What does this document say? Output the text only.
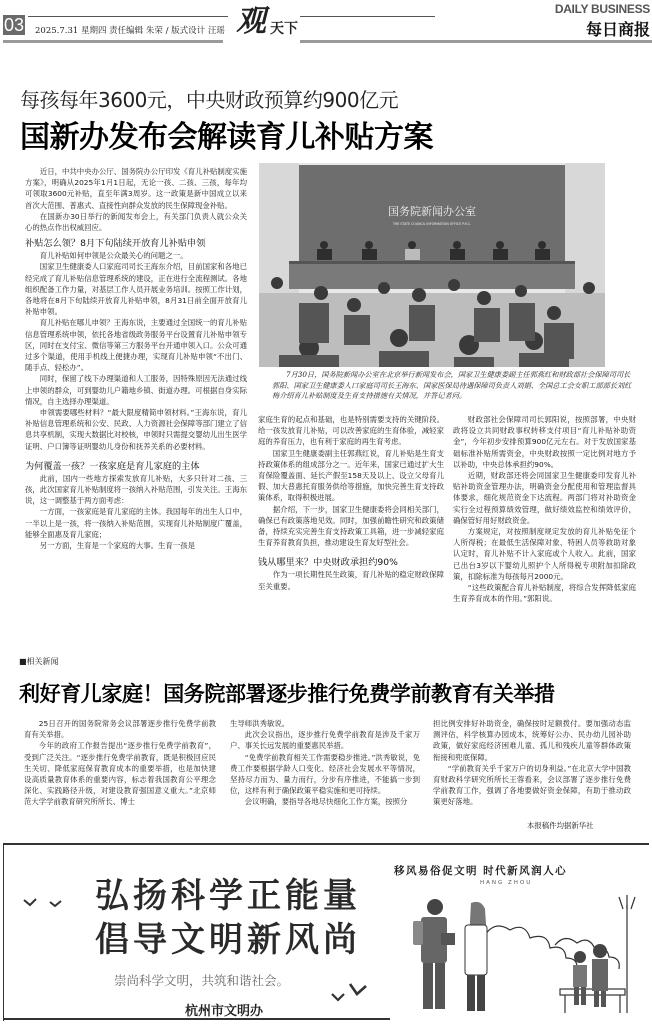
03 2025.7.31 星期四 责任编辑 朱荣 / 版式设计 汪瑶 观 天下
DAILY BUSINESS
每日商报
每孩每年3600元，中央财政预算约900亿元
国新办发布会解读育儿补贴方案

近日，中共中央办公厅、国务院办公厅印发《育儿补贴制度实施方案》，明确从2025年1月1日起，无论一孩、二孩、三孩，每年均可领取3600元补贴，直至年满3周岁。这一政策是新中国成立以来首次大范围、普惠式、直接性向群众发放的民生保障现金补贴。

在国新办30日举行的新闻发布会上，有关部门负责人就公众关心的热点作出权威回应。

补贴怎么领？8月下旬陆续开放育儿补贴申领

育儿补贴如何申领是公众最关心的问题之一。

国家卫生健康委人口家庭司司长王海东介绍，目前国家和各地已经完成了育儿补贴信息管理系统的建设，正在进行全流程测试。各地组织配备工作力量，对基层工作人员开展业务培训。按照工作计划，各地将在8月下旬陆续开放育儿补贴申领，8月31日前全面开放育儿补贴申领。

育儿补贴在哪儿申领？王海东说，主要通过全国统一的育儿补贴信息管理系统申领，依托各地省级政务服务平台设置育儿补贴申领专区，同时在支付宝、微信等第三方服务平台开通申领入口。公众可通过多个渠道，使用手机线上便捷办理，实现育儿补贴申领“不出门、随手点、轻松办”。

同时，保留了线下办理渠道和人工服务，因特殊原因无法通过线上申领的群众，可到婴幼儿户籍地乡镇、街道办理。可根据自身实际情况，自主选择办理渠道。

申领需要哪些材料？“最大限度精简申领材料。”王海东说，育儿补贴信息管理系统和公安、民政、人力资源社会保障等部门建立了信息共享机制，实现大数据比对校核，申领时只需提交婴幼儿出生医学证明、户口簿等证明婴幼儿身份和抚养关系的必要材料。

为何覆盖一孩？一孩家庭是育儿家庭的主体

此前，国内一些地方探索发放育儿补贴，大多只针对二孩、三孩，此次国家育儿补贴制度将一孩纳入补贴范围，引发关注。王海东说，这一调整基于两方面考虑：

一方面，一孩家庭是育儿家庭的主体。我国每年的出生人口中，一半以上是一孩，将一孩纳入补贴范围，实现育儿补贴制度广覆盖，能够全面惠及育儿家庭；

另一方面，生育是一个家庭的大事。生育一孩是

国务院新闻办公室
THE STATE COUNCIL INFORMATION OFFICE P.R.C.
7月30日，国务院新闻办公室在北京举行新闻发布会，国家卫生健康委副主任郭燕红和财政部社会保障司司长郭阳、国家卫生健康委人口家庭司司长王海东、国家医保局待遇保障司负责人刘娟、全国总工会女职工部部长刘红梅介绍育儿补贴制度及生育支持措施有关情况，并答记者问。

家庭生育的起点和基础，也是特别需要支持的关键阶段。给一孩发放育儿补贴，可以改善家庭的生育体验，减轻家庭的养育压力，也有利于家庭的再生育考虑。

国家卫生健康委副主任郭燕红说，育儿补贴是生育支持政策体系的组成部分之一。近年来，国家已通过扩大生育保险覆盖面、延长产假至158天及以上、设立父母育儿假、加大普惠托育服务供给等措施，加快完善生育支持政策体系，取得积极进展。

据介绍，下一步，国家卫生健康委将会同相关部门，确保已有政策落地见效。同时，加强前瞻性研究和政策储备，持续充实完善生育支持政策工具箱，进一步减轻家庭生育养育教育负担，推动建设生育友好型社会。

钱从哪里来？中央财政承担约90%

作为一项长期性民生政策，育儿补贴的稳定财政保障至关重要。

财政部社会保障司司长郭阳说，按照部署，中央财政将设立共同财政事权转移支付项目“育儿补贴补助资金”，今年初步安排预算900亿元左右。对于发放国家基础标准补贴所需资金，中央财政按照一定比例对地方予以补助，中央总体承担约90%。

近期，财政部还将会同国家卫生健康委印发育儿补贴补助资金管理办法，明确资金分配使用和管理监督具体要求，细化规范资金下达流程。两部门将对补助资金实行全过程预算绩效管理，做好绩效监控和绩效评价，确保管好用好财政资金。

方案规定，对按照制度规定发放的育儿补贴免征个人所得税；在最低生活保障对象、特困人员等救助对象认定时，育儿补贴不计入家庭或个人收入。此前，国家已出台3岁以下婴幼儿照护个人所得税专项附加扣除政策，扣除标准为每孩每月2000元。

“这些政策配合育儿补贴制度，将综合发挥降低家庭生育养育成本的作用。”郭阳说。

■相关新闻
利好育儿家庭！国务院部署逐步推行免费学前教育有关举措

25日召开的国务院常务会议部署逐步推行免费学前教育有关举措。

今年的政府工作报告提出“逐步推行免费学前教育”，受到广泛关注。“逐步推行免费学前教育，既是积极回应民生关切、降低家庭保育教育成本的重要举措，也是加快建设高质量教育体系的重要内容，标志着我国教育公平理念深化、实践路径升级，对建设教育强国意义重大。”北京师范大学学前教育研究所所长、博士

生导师洪秀敏说。

此次会议指出，逐步推行免费学前教育是涉及千家万户、事关长远发展的重要惠民举措。

“免费学前教育相关工作需要稳步推进。”洪秀敏说，免费工作要根据学龄人口变化、经济社会发展水平等情况，坚持尽力而为、量力而行，分步有序推进，不能搞一步到位，这样有利于确保政策平稳实施和更可持续。

会议明确，要指导各地尽快细化工作方案，按照分

担比例安排好补助资金，确保按时足额拨付。要加强动态监测评估，科学核算办园成本，统筹好公办、民办幼儿园补助政策，做好家庭经济困难儿童、孤儿和残疾儿童等群体政策衔接和兜底保障。

“学前教育关乎千家万户的切身利益。”在北京大学中国教育财政科学研究所所长王蓉看来，会议部署了逐步推行免费学前教育工作，强调了各地要做好资金保障，有助于推动政策更好落地。

本报稿件均据新华社
弘扬科学正能量
倡导文明新风尚
崇尚科学文明，共筑和谐社会。
杭州市文明办
移风易俗促文明 时代新风润人心
HANG ZHOU
